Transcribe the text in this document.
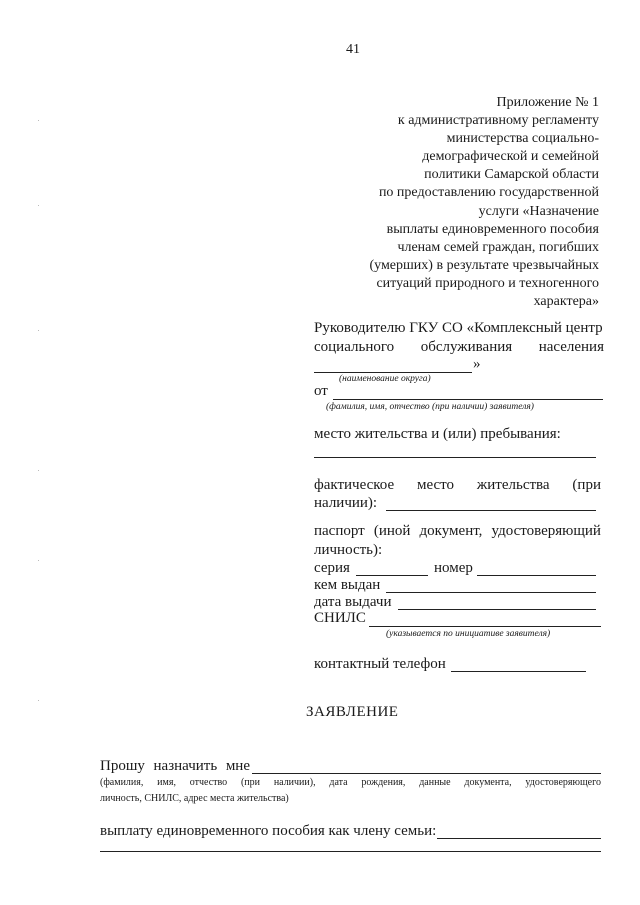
41
Приложение № 1
к административному регламенту
министерства социально-
демографической и семейной
политики Самарской области
по предоставлению государственной
услуги «Назначение
выплаты единовременного пособия
членам семей граждан, погибших
(умерших) в результате чрезвычайных
ситуаций природного и техногенного
характера»
Руководителю ГКУ СО «Комплексный центр
социального обслуживания населения
»
(наименование округа)
от
(фамилия, имя, отчество (при наличии) заявителя)
место жительства и (или) пребывания:
фактическое место жительства (при
наличии):
паспорт (иной документ, удостоверяющий
личность):
серия	номер
кем выдан
дата выдачи
СНИЛС
(указывается по инициативе заявителя)
контактный телефон
ЗАЯВЛЕНИЕ
Прошу назначить мне
(фамилия, имя, отчество (при наличии), дата рождения, данные документа, удостоверяющего
личность, СНИЛС, адрес места жительства)
выплату единовременного пособия как члену семьи:
